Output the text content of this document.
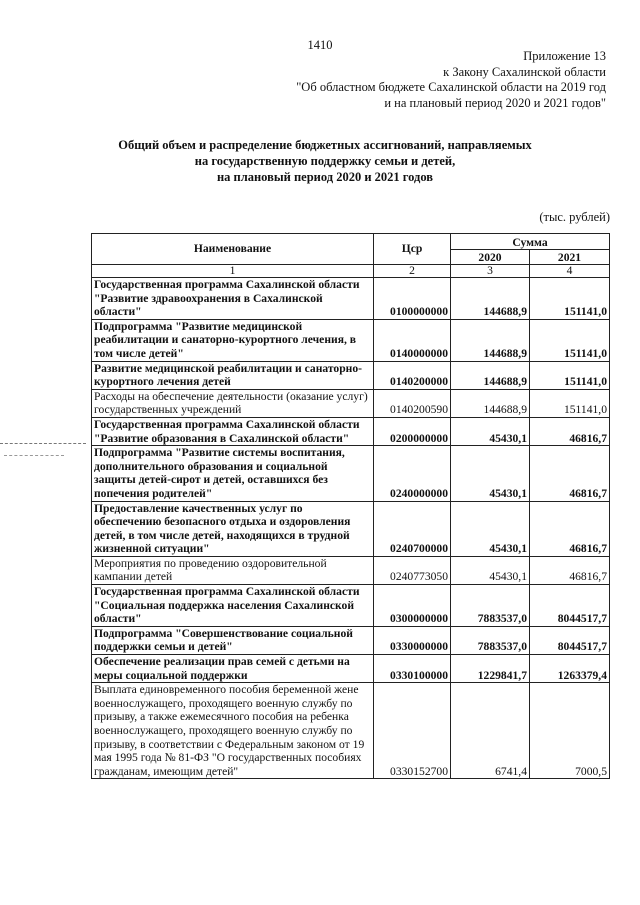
1410
Приложение 13
к Закону Сахалинской области
"Об областном бюджете Сахалинской области на 2019 год
и на плановый период 2020 и 2021 годов"
Общий объем и распределение бюджетных ассигнований, направляемых
на государственную поддержку семьи и детей,
на плановый период 2020 и 2021 годов
(тыс. рублей)
Наименование	Цср	Сумма	
		2020	2021
1	2	3	4
Государственная программа Сахалинской области "Развитие здравоохранения в Сахалинской области"	0100000000	144688,9	151141,0
Подпрограмма "Развитие медицинской реабилитации и санаторно-курортного лечения, в том числе детей"	0140000000	144688,9	151141,0
Развитие медицинской реабилитации и санаторно-курортного лечения детей	0140200000	144688,9	151141,0
Расходы на обеспечение деятельности (оказание услуг) государственных учреждений	0140200590	144688,9	151141,0
Государственная программа Сахалинской области "Развитие образования в Сахалинской области"	0200000000	45430,1	46816,7
Подпрограмма "Развитие системы воспитания, дополнительного образования и социальной защиты детей-сирот и детей, оставшихся без попечения родителей"	0240000000	45430,1	46816,7
Предоставление качественных услуг по обеспечению безопасного отдыха и оздоровления детей, в том числе детей, находящихся в трудной жизненной ситуации"	0240700000	45430,1	46816,7
Мероприятия по проведению оздоровительной кампании детей	0240773050	45430,1	46816,7
Государственная программа Сахалинской области "Социальная поддержка населения Сахалинской области"	0300000000	7883537,0	8044517,7
Подпрограмма "Совершенствование социальной поддержки семьи и детей"	0330000000	7883537,0	8044517,7
Обеспечение реализации прав семей с детьми на меры социальной поддержки	0330100000	1229841,7	1263379,4
Выплата единовременного пособия беременной жене военнослужащего, проходящего военную службу по призыву, а также ежемесячного пособия на ребенка военнослужащего, проходящего военную службу по призыву, в соответствии с Федеральным законом от 19 мая 1995 года № 81-ФЗ "О государственных пособиях гражданам, имеющим детей"	0330152700	6741,4	7000,5
